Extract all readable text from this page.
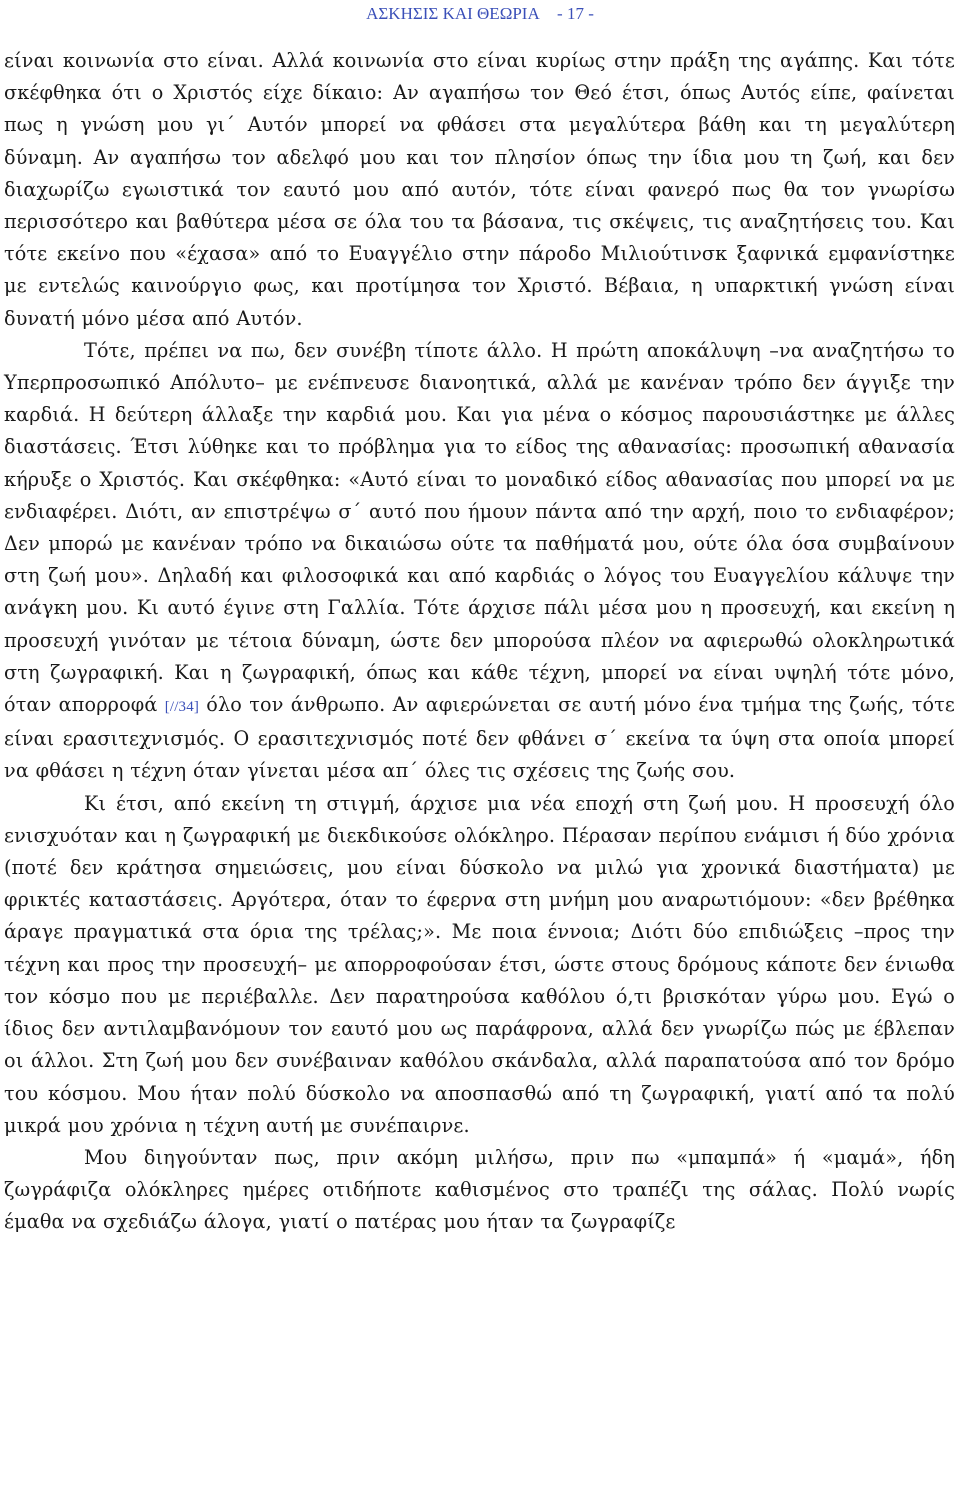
ΑΣΚΗΣΙΣ ΚΑΙ ΘΕΩΡΙΑ - 17 -

είναι κοινωνία στο είναι. Αλλά κοινωνία στο είναι κυρίως στην πράξη της αγάπης. Και τότε σκέφθηκα ότι ο Χριστός είχε δίκαιο: Αν αγαπήσω τον Θεό έτσι, όπως Αυτός είπε, φαίνεται πως η γνώση μου γι΄ Αυτόν μπορεί να φθάσει στα μεγαλύτερα βάθη και τη μεγαλύτερη δύναμη. Αν αγαπήσω τον αδελφό μου και τον πλησίον όπως την ίδια μου τη ζωή, και δεν διαχωρίζω εγωιστικά τον εαυτό μου από αυτόν, τότε είναι φανερό πως θα τον γνωρίσω περισσότερο και βαθύτερα μέσα σε όλα του τα βάσανα, τις σκέψεις, τις αναζητήσεις του. Και τότε εκείνο που «έχασα» από το Ευαγγέλιο στην πάροδο Μιλιούτινσκ ξαφνικά εμφανίστηκε με εντελώς καινούργιο φως, και προτίμησα τον Χριστό. Βέβαια, η υπαρκτική γνώση είναι δυνατή μόνο μέσα από Αυτόν.

Τότε, πρέπει να πω, δεν συνέβη τίποτε άλλο. Η πρώτη αποκάλυψη –να αναζητήσω το Υπερπροσωπικό Απόλυτο– με ενέπνευσε διανοητικά, αλλά με κανέναν τρόπο δεν άγγιξε την καρδιά. Η δεύτερη άλλαξε την καρδιά μου. Και για μένα ο κόσμος παρουσιάστηκε με άλλες διαστάσεις. Έτσι λύθηκε και το πρόβλημα για το είδος της αθανασίας: προσωπική αθανασία κήρυξε ο Χριστός. Και σκέφθηκα: «Αυτό είναι το μοναδικό είδος αθανασίας που μπορεί να με ενδιαφέρει. Διότι, αν επιστρέψω σ΄ αυτό που ήμουν πάντα από την αρχή, ποιο το ενδιαφέρον; Δεν μπορώ με κανέναν τρόπο να δικαιώσω ούτε τα παθήματά μου, ούτε όλα όσα συμβαίνουν στη ζωή μου». Δηλαδή και φιλοσοφικά και από καρδιάς ο λόγος του Ευαγγελίου κάλυψε την ανάγκη μου. Κι αυτό έγινε στη Γαλλία. Τότε άρχισε πάλι μέσα μου η προσευχή, και εκείνη η προσευχή γινόταν με τέτοια δύναμη, ώστε δεν μπορούσα πλέον να αφιερωθώ ολοκληρωτικά στη ζωγραφική. Και η ζωγραφική, όπως και κάθε τέχνη, μπορεί να είναι υψηλή τότε μόνο, όταν απορροφά [//34] όλο τον άνθρωπο. Αν αφιερώνεται σε αυτή μόνο ένα τμήμα της ζωής, τότε είναι ερασιτεχνισμός. Ο ερασιτεχνισμός ποτέ δεν φθάνει σ΄ εκείνα τα ύψη στα οποία μπορεί να φθάσει η τέχνη όταν γίνεται μέσα απ΄ όλες τις σχέσεις της ζωής σου.

Κι έτσι, από εκείνη τη στιγμή, άρχισε μια νέα εποχή στη ζωή μου. Η προσευχή όλο ενισχυόταν και η ζωγραφική με διεκδικούσε ολόκληρο. Πέρασαν περίπου ενάμισι ή δύο χρόνια (ποτέ δεν κράτησα σημειώσεις, μου είναι δύσκολο να μιλώ για χρονικά διαστήματα) με φρικτές καταστάσεις. Αργότερα, όταν το έφερνα στη μνήμη μου αναρωτιόμουν: «δεν βρέθηκα άραγε πραγματικά στα όρια της τρέλας;». Με ποια έννοια; Διότι δύο επιδιώξεις –προς την τέχνη και προς την προσευχή– με απορροφούσαν έτσι, ώστε στους δρόμους κάποτε δεν ένιωθα τον κόσμο που με περιέβαλλε. Δεν παρατηρούσα καθόλου ό,τι βρισκόταν γύρω μου. Εγώ ο ίδιος δεν αντιλαμβανόμουν τον εαυτό μου ως παράφρονα, αλλά δεν γνωρίζω πώς με έβλεπαν οι άλλοι. Στη ζωή μου δεν συνέβαιναν καθόλου σκάνδαλα, αλλά παραπατούσα από τον δρόμο του κόσμου. Μου ήταν πολύ δύσκολο να αποσπασθώ από τη ζωγραφική, γιατί από τα πολύ μικρά μου χρόνια η τέχνη αυτή με συνέπαιρνε.

Μου διηγούνταν πως, πριν ακόμη μιλήσω, πριν πω «μπαμπά» ή «μαμά», ήδη ζωγράφιζα ολόκληρες ημέρες οτιδήποτε καθισμένος στο τραπέζι της σάλας. Πολύ νωρίς έμαθα να σχεδιάζω άλογα, γιατί ο πατέρας μου ήταν τα ζωγραφίζε
